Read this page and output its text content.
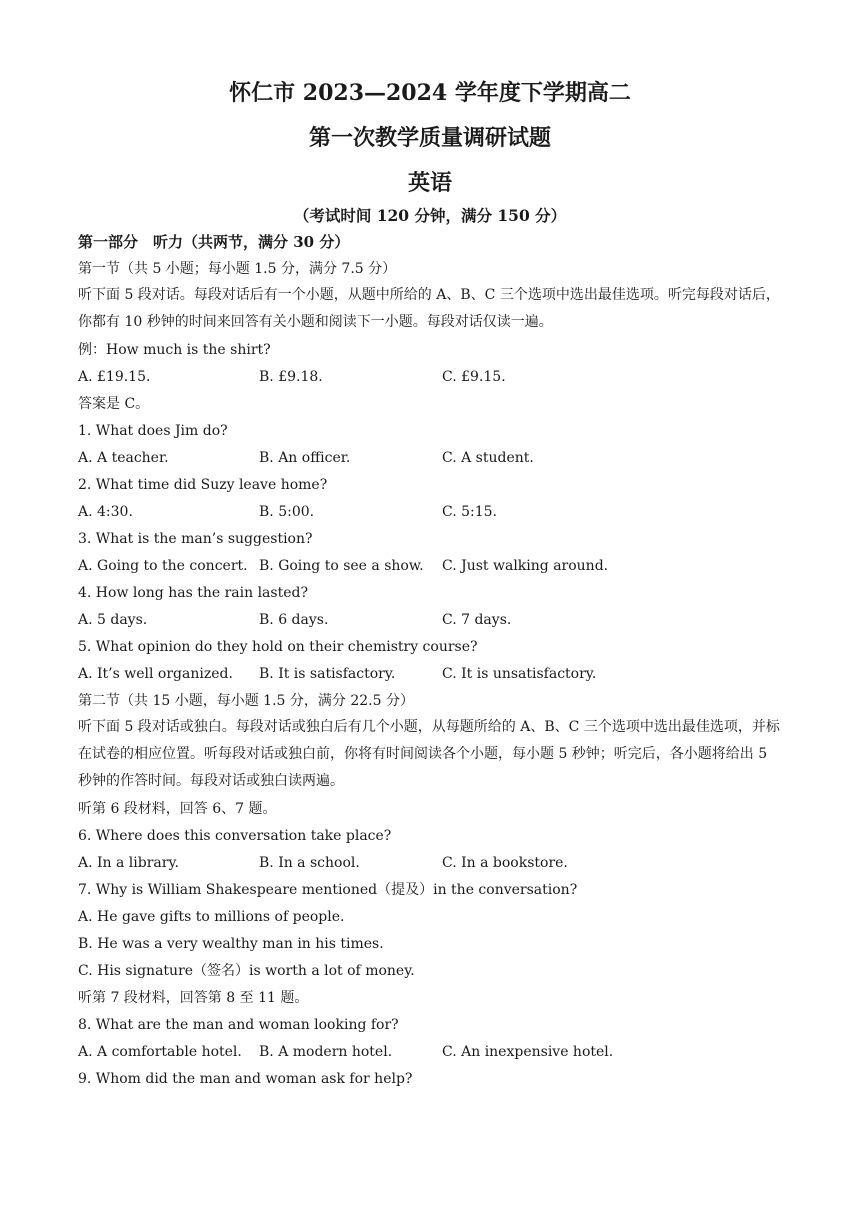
怀仁市 2023—2024 学年度下学期高二
第一次教学质量调研试题
英语
（考试时间 120 分钟，满分 150 分）
第一部分　听力（共两节，满分 30 分）
第一节（共 5 小题；每小题 1.5 分，满分 7.5 分）
听下面 5 段对话。每段对话后有一个小题，从题中所给的 A、B、C 三个选项中选出最佳选项。听完每段对话后，你都有 10 秒钟的时间来回答有关小题和阅读下一小题。每段对话仅读一遍。
例：How much is the shirt?
A. £19.15.	B. £9.18.	C. £9.15.
答案是 C。
1. What does Jim do?
A. A teacher.	B. An officer.	C. A student.
2. What time did Suzy leave home?
A. 4:30.	B. 5:00.	C. 5:15.
3. What is the man’s suggestion?
A. Going to the concert. B. Going to see a show. C. Just walking around.
4. How long has the rain lasted?
A. 5 days.	B. 6 days.	C. 7 days.
5. What opinion do they hold on their chemistry course?
A. It’s well organized. B. It is satisfactory.	C. It is unsatisfactory.
第二节（共 15 小题，每小题 1.5 分，满分 22.5 分）
听下面 5 段对话或独白。每段对话或独白后有几个小题，从每题所给的 A、B、C 三个选项中选出最佳选项，并标在试卷的相应位置。听每段对话或独白前，你将有时间阅读各个小题，每小题 5 秒钟；听完后，各小题将给出 5 秒钟的作答时间。每段对话或独白读两遍。
听第 6 段材料，回答 6、7 题。
6. Where does this conversation take place?
A. In a library.	B. In a school.	C. In a bookstore.
7. Why is William Shakespeare mentioned（提及）in the conversation?
A. He gave gifts to millions of people.
B. He was a very wealthy man in his times.
C. His signature（签名）is worth a lot of money.
听第 7 段材料，回答第 8 至 11 题。
8. What are the man and woman looking for?
A. A comfortable hotel. B. A modern hotel.	C. An inexpensive hotel.
9. Whom did the man and woman ask for help?
